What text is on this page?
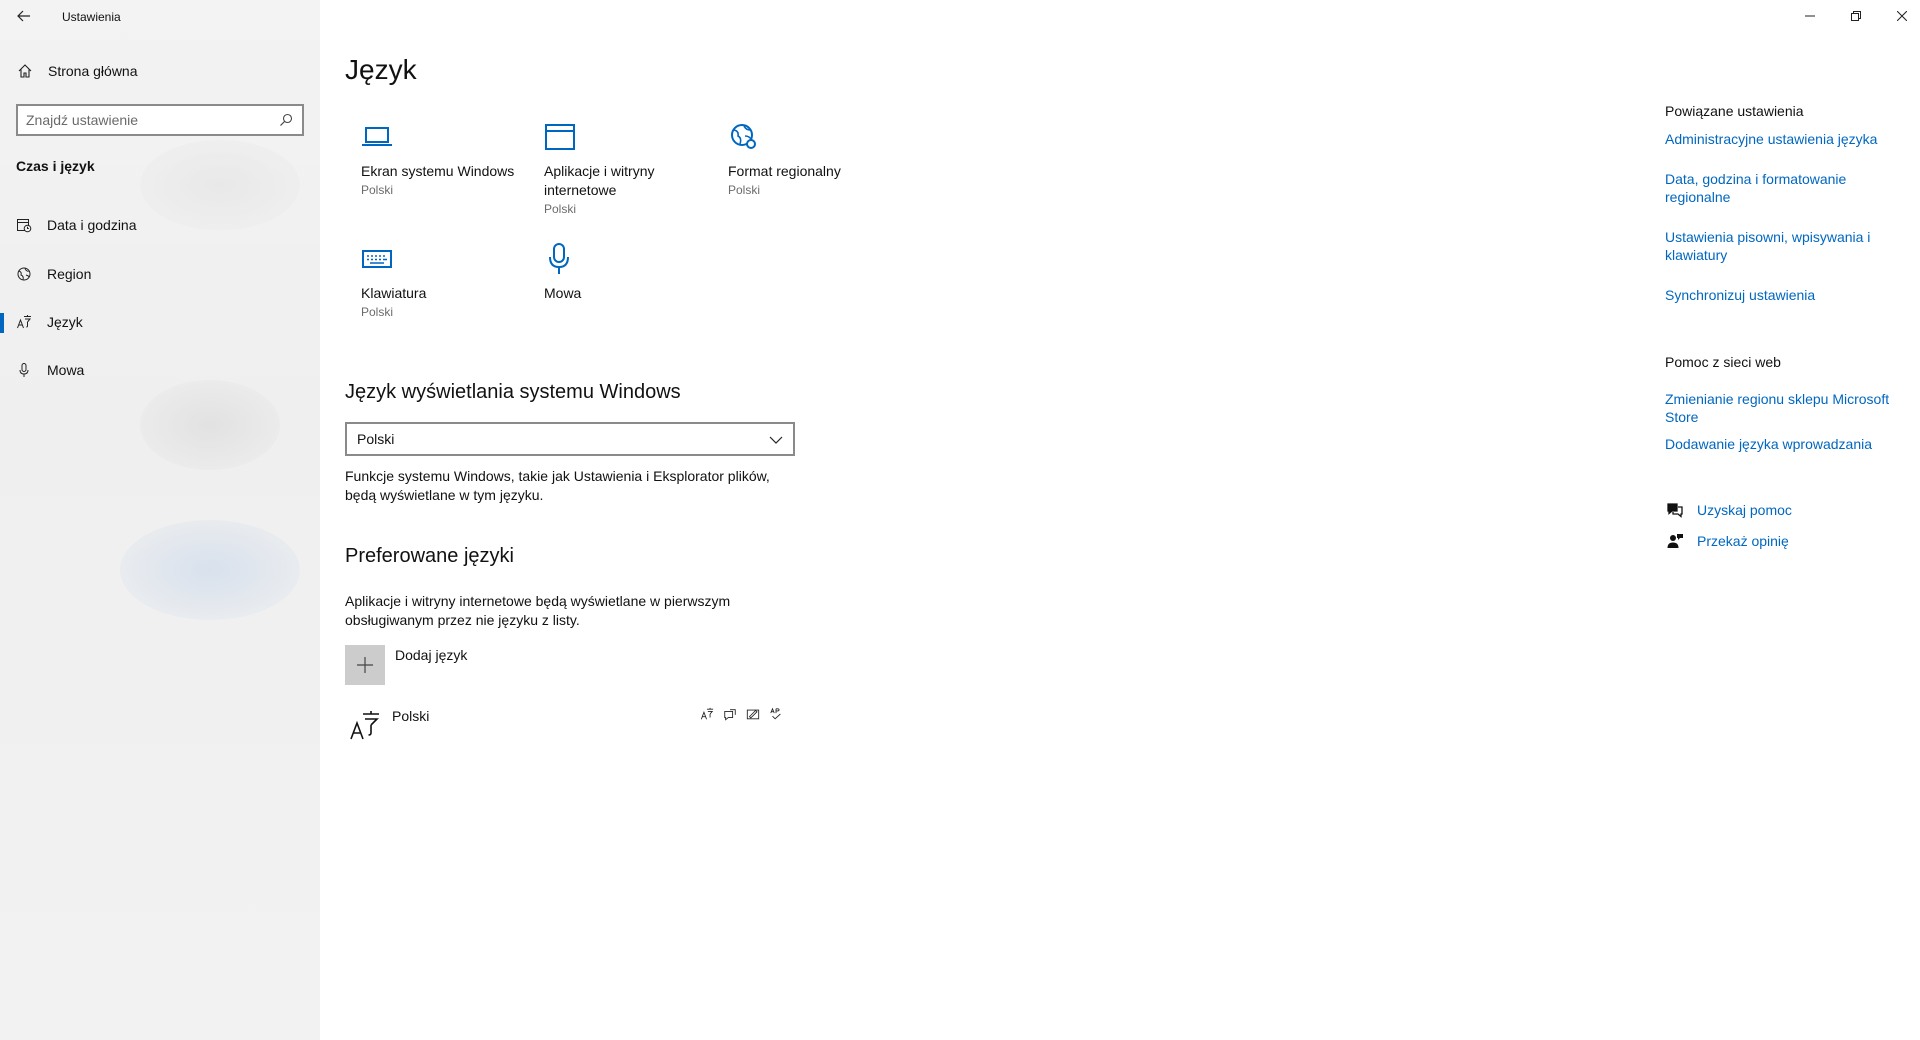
Ustawienia
Strona główna
Znajdź ustawienie
Czas i język
Data i godzina
Region
Język
Mowa
Język
Ekran systemu Windows
Polski
Aplikacje i witryny internetowe
Polski
Format regionalny
Polski
Klawiatura
Polski
Mowa
Język wyświetlania systemu Windows
Polski
Funkcje systemu Windows, takie jak Ustawienia i Eksplorator plików, będą wyświetlane w tym języku.
Preferowane języki
Aplikacje i witryny internetowe będą wyświetlane w pierwszym obsługiwanym przez nie języku z listy.
Dodaj język
Polski
Powiązane ustawienia
Administracyjne ustawienia języka
Data, godzina i formatowanie regionalne
Ustawienia pisowni, wpisywania i klawiatury
Synchronizuj ustawienia
Pomoc z sieci web
Zmienianie regionu sklepu Microsoft Store
Dodawanie języka wprowadzania
Uzyskaj pomoc
Przekaż opinię
